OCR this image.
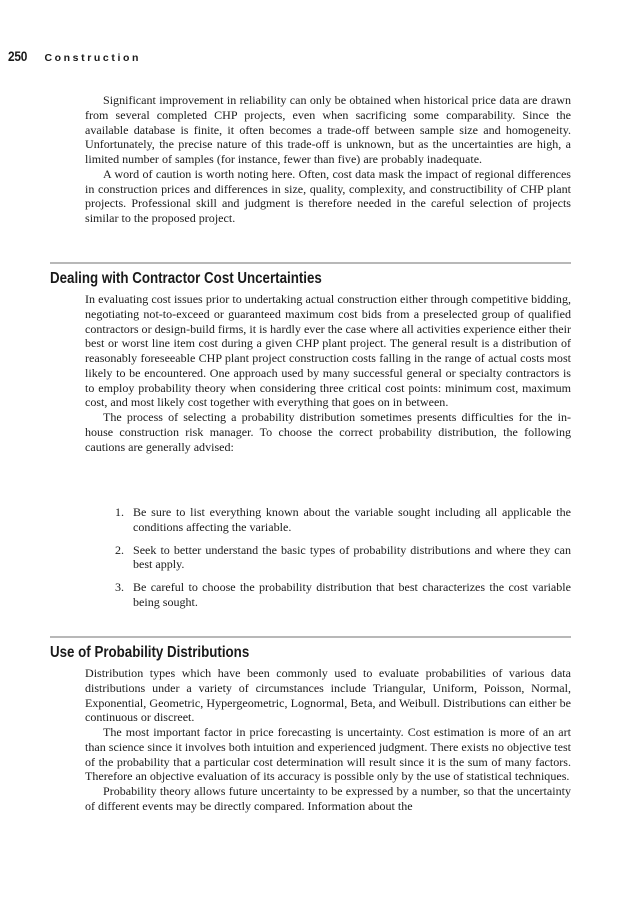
250 Construction

Significant improvement in reliability can only be obtained when historical price data are drawn from several completed CHP projects, even when sacrificing some comparability. Since the available database is finite, it often becomes a trade-off between sample size and homogeneity. Unfortunately, the precise nature of this trade-off is unknown, but as the uncertainties are high, a limited number of samples (for instance, fewer than five) are probably inadequate.

A word of caution is worth noting here. Often, cost data mask the impact of regional differences in construction prices and differences in size, quality, complexity, and constructibility of CHP plant projects. Professional skill and judgment is therefore needed in the careful selection of projects similar to the proposed project.

Dealing with Contractor Cost Uncertainties

In evaluating cost issues prior to undertaking actual construction either through competitive bidding, negotiating not-to-exceed or guaranteed maximum cost bids from a preselected group of qualified contractors or design-build firms, it is hardly ever the case where all activities experience either their best or worst line item cost during a given CHP plant project. The general result is a distribution of reasonably foreseeable CHP plant project construction costs falling in the range of actual costs most likely to be encountered. One approach used by many successful general or specialty contractors is to employ probability theory when considering three critical cost points: minimum cost, maximum cost, and most likely cost together with everything that goes on in between.

The process of selecting a probability distribution sometimes presents difficulties for the in-house construction risk manager. To choose the correct probability distribution, the following cautions are generally advised:

1. Be sure to list everything known about the variable sought including all applicable the conditions affecting the variable.
2. Seek to better understand the basic types of probability distributions and where they can best apply.
3. Be careful to choose the probability distribution that best characterizes the cost variable being sought.
Use of Probability Distributions

Distribution types which have been commonly used to evaluate probabilities of various data distributions under a variety of circumstances include Triangular, Uniform, Poisson, Normal, Exponential, Geometric, Hypergeometric, Lognormal, Beta, and Weibull. Distributions can either be continuous or discreet.

The most important factor in price forecasting is uncertainty. Cost estimation is more of an art than science since it involves both intuition and experienced judgment. There exists no objective test of the probability that a particular cost determination will result since it is the sum of many factors. Therefore an objective evaluation of its accuracy is possible only by the use of statistical techniques.

Probability theory allows future uncertainty to be expressed by a number, so that the uncertainty of different events may be directly compared. Information about the
